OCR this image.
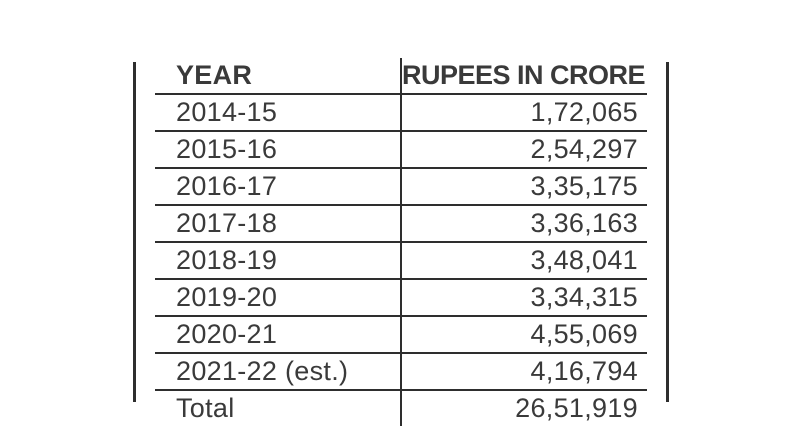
YEAR	RUPEES IN CRORE
2014-15	1,72,065
2015-16	2,54,297
2016-17	3,35,175
2017-18	3,36,163
2018-19	3,48,041
2019-20	3,34,315
2020-21	4,55,069
2021-22 (est.)	4,16,794
Total	26,51,919
